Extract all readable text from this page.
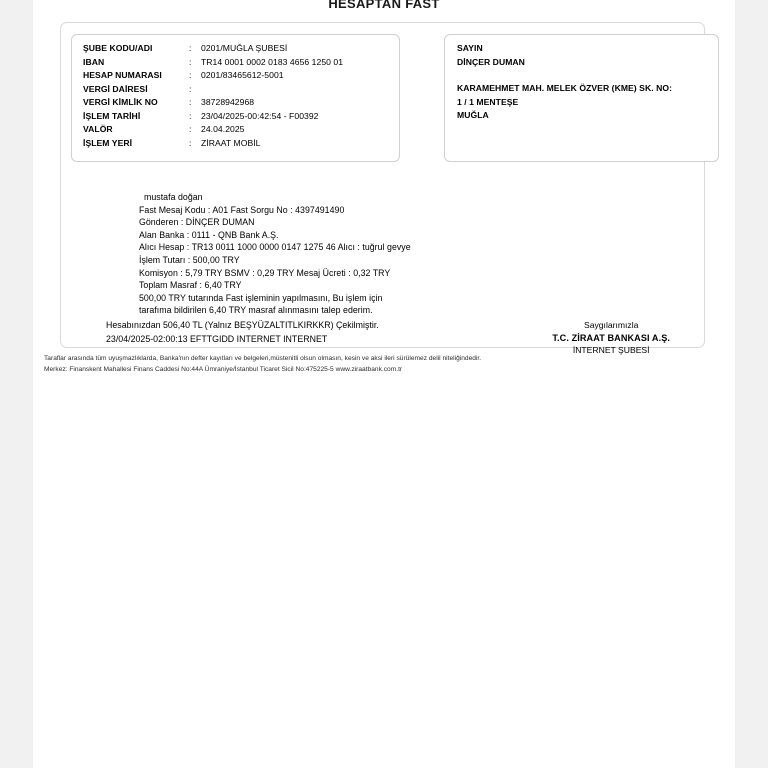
HESAPTAN FAST
ŞUBE KODU/ADI	:	0201/MUĞLA ŞUBESİ
IBAN	:	TR14 0001 0002 0183 4656 1250 01
HESAP NUMARASI	:	0201/83465612-5001
VERGİ DAİRESİ	:
VERGİ KİMLİK NO	:	38728942968
İŞLEM TARİHİ	:	23/04/2025-00:42:54 - F00392
VALÖR	:	24.04.2025
İŞLEM YERİ	:	ZİRAAT MOBİL
SAYIN
DİNÇER DUMAN
KARAMEHMET MAH. MELEK ÖZVER (KME) SK. NO:
1 / 1 MENTEŞE
MUĞLA
mustafa doğan
Fast Mesaj Kodu : A01 Fast Sorgu No : 4397491490
Gönderen : DİNÇER DUMAN
Alan Banka : 0111 - QNB Bank A.Ş.
Alıcı Hesap : TR13 0011 1000 0000 0147 1275 46 Alıcı : tuğrul gevye
İşlem Tutarı : 500,00 TRY
Komisyon : 5,79 TRY BSMV : 0,29 TRY Mesaj Ücreti : 0,32 TRY
Toplam Masraf : 6,40 TRY
500,00 TRY tutarında Fast işleminin yapılmasını, Bu işlem için
tarafıma bildirilen 6,40 TRY masraf alınmasını talep ederim.
Hesabınızdan 506,40 TL (Yalnız BEŞYÜZALTITLKIRKKR) Çekilmiştir.
23/04/2025-02:00:13 EFTTGIDD INTERNET INTERNET
Saygılarımızla
T.C. ZİRAAT BANKASI A.Ş.
İNTERNET ŞUBESİ
Taraflar arasında tüm uyuşmazlıklarda, Banka'nın defter kayıtları ve belgeleri,müstenitli olsun olmasın, kesin ve aksi ileri sürülemez delil niteliğindedir.
Merkez: Finanskent Mahallesi Finans Caddesi No:44A Ümraniye/İstanbul Ticaret Sicil No:475225-5 www.ziraatbank.com.tr
